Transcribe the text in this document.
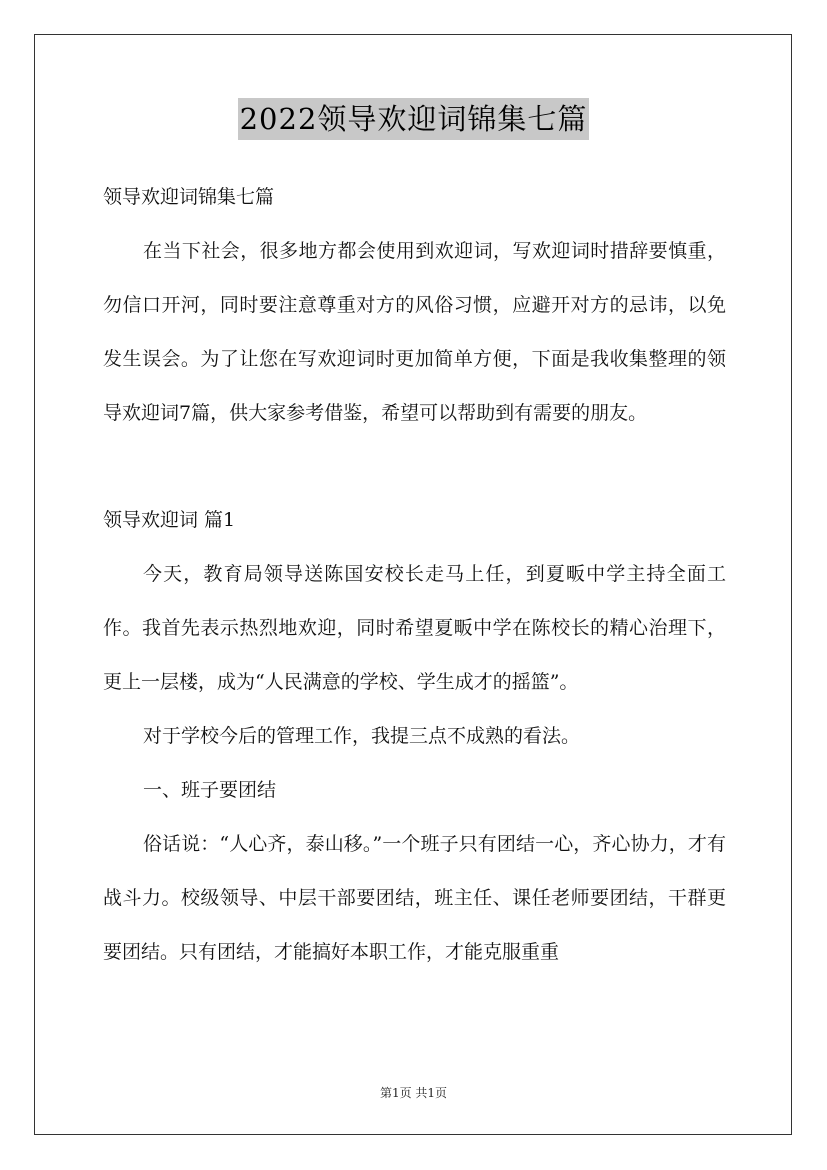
2022领导欢迎词锦集七篇

领导欢迎词锦集七篇

在当下社会，很多地方都会使用到欢迎词，写欢迎词时措辞要慎重，勿信口开河，同时要注意尊重对方的风俗习惯，应避开对方的忌讳，以免发生误会。为了让您在写欢迎词时更加简单方便，下面是我收集整理的领导欢迎词7篇，供大家参考借鉴，希望可以帮助到有需要的朋友。

领导欢迎词 篇1

今天，教育局领导送陈国安校长走马上任，到夏畈中学主持全面工作。我首先表示热烈地欢迎，同时希望夏畈中学在陈校长的精心治理下，更上一层楼，成为“人民满意的学校、学生成才的摇篮”。

对于学校今后的管理工作，我提三点不成熟的看法。

一、班子要团结

俗话说：“人心齐，泰山移。”一个班子只有团结一心，齐心协力，才有战斗力。校级领导、中层干部要团结，班主任、课任老师要团结，干群更要团结。只有团结，才能搞好本职工作，才能克服重重

第1页 共1页
